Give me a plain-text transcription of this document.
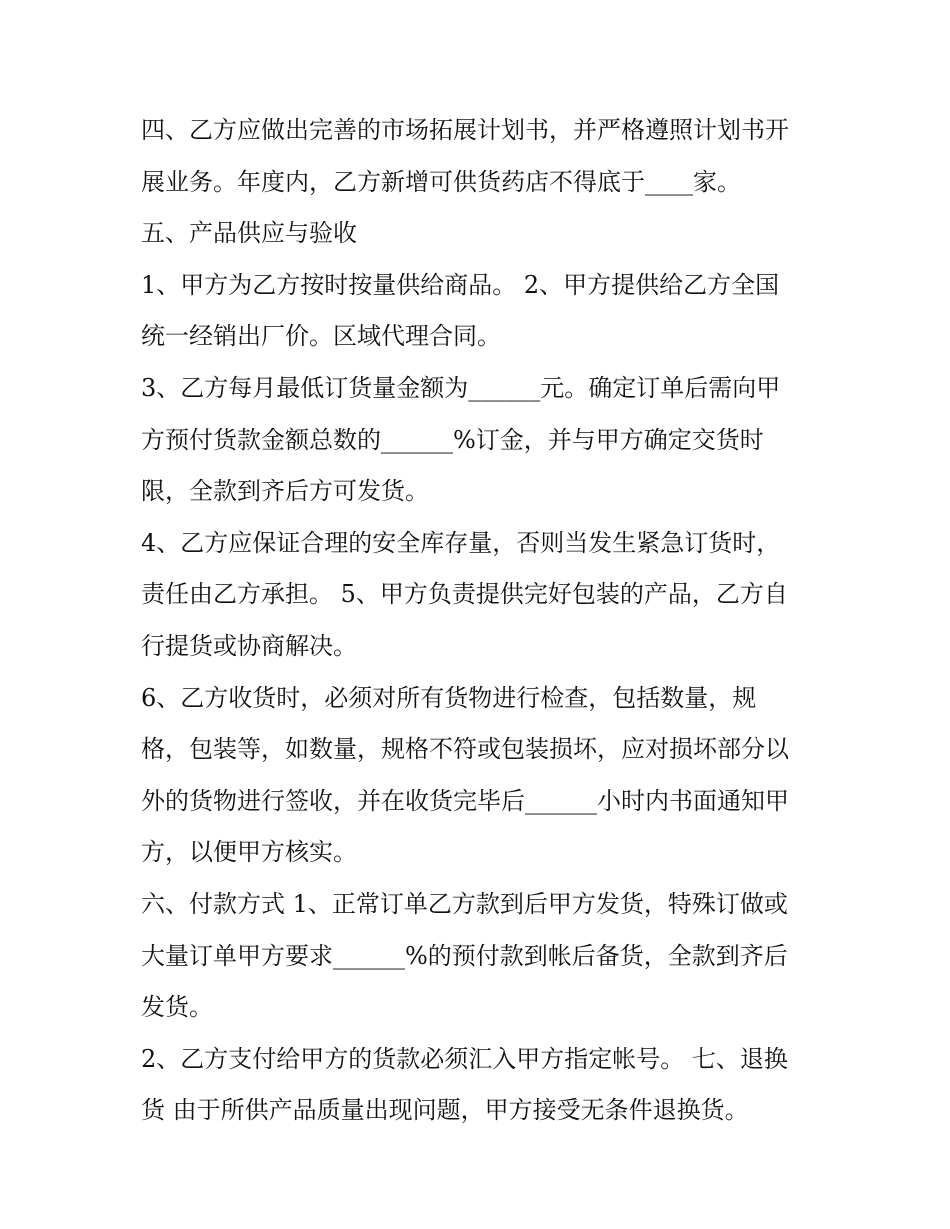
四、乙方应做出完善的市场拓展计划书，并严格遵照计划书开

展业务。年度内，乙方新增可供货药店不得底于____家。

五、产品供应与验收

1、甲方为乙方按时按量供给商品。 2、甲方提供给乙方全国

统一经销出厂价。区域代理合同。

3、乙方每月最低订货量金额为______元。确定订单后需向甲

方预付货款金额总数的______%订金，并与甲方确定交货时

限，全款到齐后方可发货。

4、乙方应保证合理的安全库存量，否则当发生紧急订货时，

责任由乙方承担。 5、甲方负责提供完好包装的产品，乙方自

行提货或协商解决。

6、乙方收货时，必须对所有货物进行检查，包括数量，规

格，包装等，如数量，规格不符或包装损坏，应对损坏部分以

外的货物进行签收，并在收货完毕后______小时内书面通知甲

方，以便甲方核实。

六、付款方式 1、正常订单乙方款到后甲方发货，特殊订做或

大量订单甲方要求______%的预付款到帐后备货，全款到齐后

发货。

2、乙方支付给甲方的货款必须汇入甲方指定帐号。 七、退换

货 由于所供产品质量出现问题，甲方接受无条件退换货。
